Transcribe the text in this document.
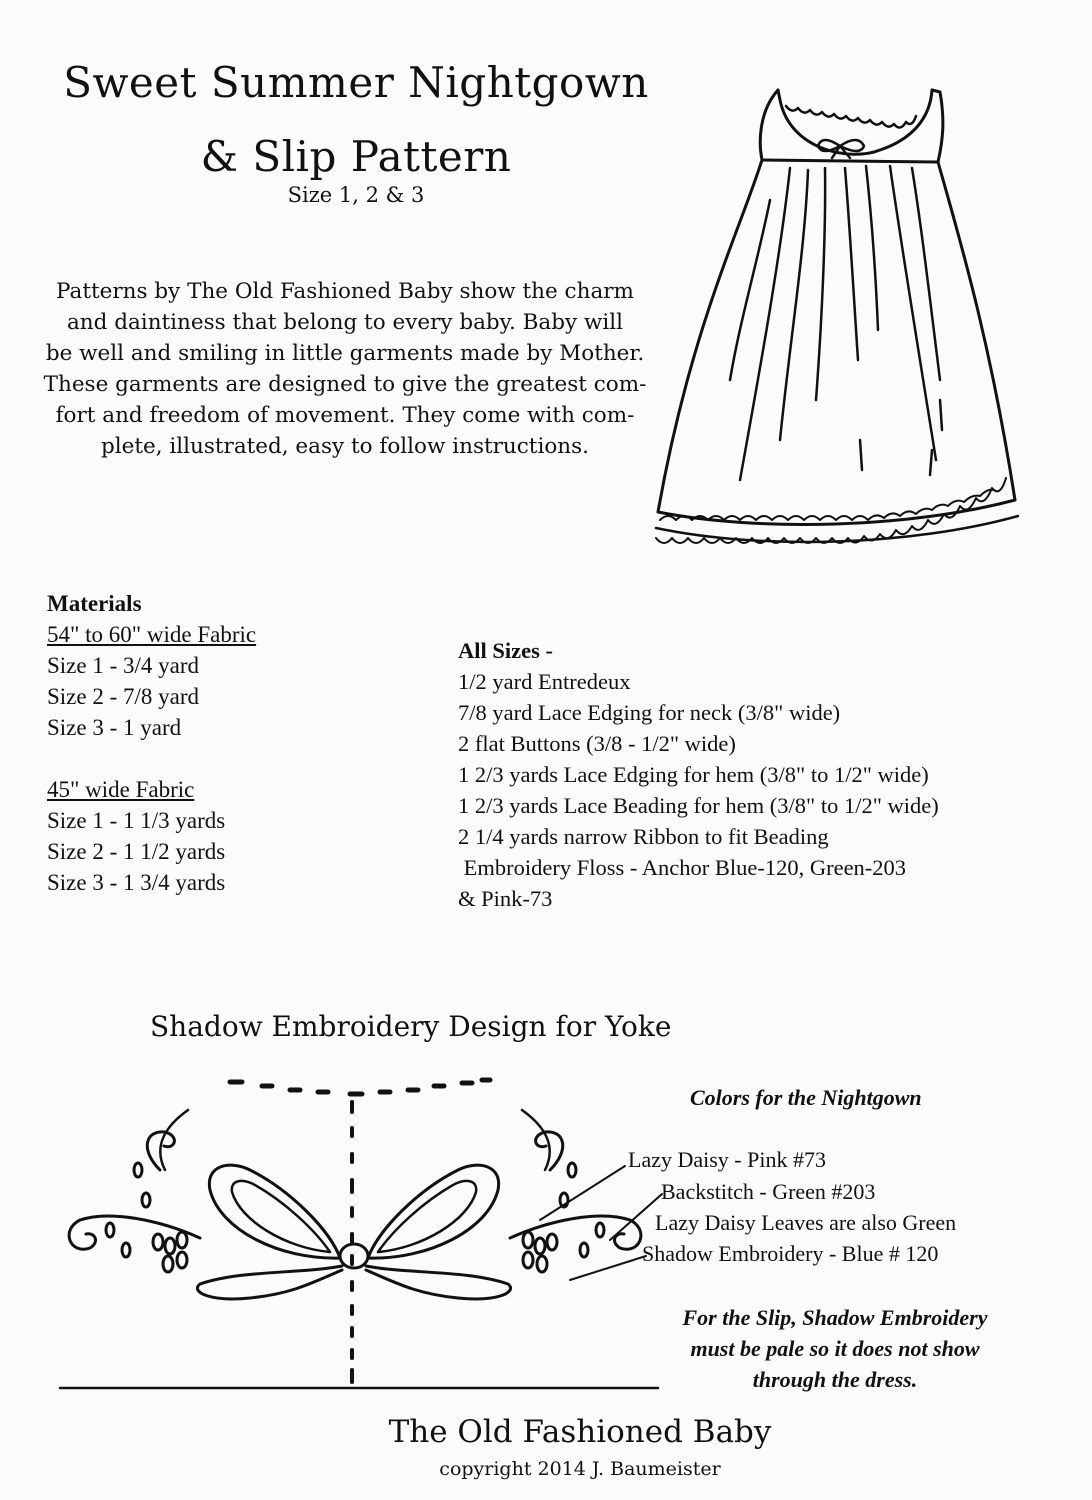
Sweet Summer Nightgown
& Slip Pattern
Size 1, 2 & 3
Patterns by The Old Fashioned Baby show the charm
and daintiness that belong to every baby. Baby will
be well and smiling in little garments made by Mother.
These garments are designed to give the greatest com-
fort and freedom of movement. They come with com-
plete, illustrated, easy to follow instructions.
Materials
54" to 60" wide Fabric
Size 1 - 3/4 yard
Size 2 - 7/8 yard
Size 3 - 1 yard
45" wide Fabric
Size 1 - 1 1/3 yards
Size 2 - 1 1/2 yards
Size 3 - 1 3/4 yards
All Sizes -
1/2 yard Entredeux
7/8 yard Lace Edging for neck (3/8" wide)
2 flat Buttons (3/8 - 1/2" wide)
1 2/3 yards Lace Edging for hem (3/8" to 1/2" wide)
1 2/3 yards Lace Beading for hem (3/8" to 1/2" wide)
2 1/4 yards narrow Ribbon to fit Beading
Embroidery Floss - Anchor Blue-120, Green-203
& Pink-73
Shadow Embroidery Design for Yoke
Colors for the Nightgown
Lazy Daisy - Pink #73
Backstitch - Green #203
Lazy Daisy Leaves are also Green
Shadow Embroidery - Blue # 120
For the Slip, Shadow Embroidery
must be pale so it does not show
through the dress.
The Old Fashioned Baby
copyright 2014 J. Baumeister
